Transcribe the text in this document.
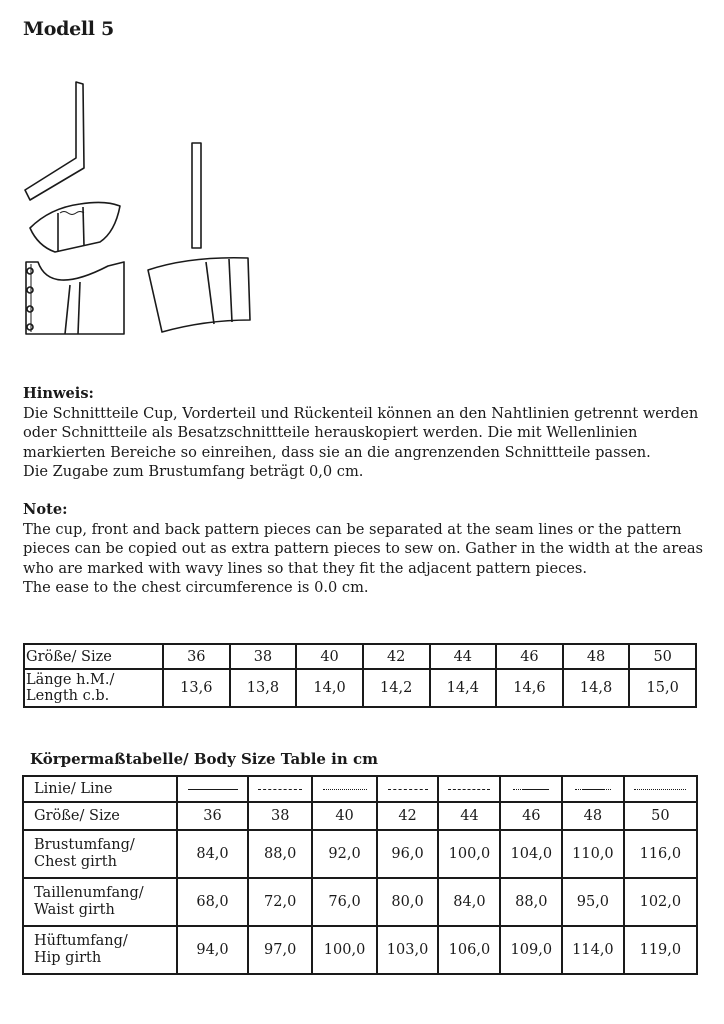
Modell 5
Hinweis:
Die Schnittteile Cup, Vorderteil und Rückenteil können an den Nahtlinien getrennt werden
oder Schnittteile als Besatzschnittteile herauskopiert werden. Die mit Wellenlinien
markierten Bereiche so einreihen, dass sie an die angrenzenden Schnittteile passen.
Die Zugabe zum Brustumfang beträgt 0,0 cm.
Note:
The cup, front and back pattern pieces can be separated at the seam lines or the pattern
pieces can be copied out as extra pattern pieces to sew on. Gather in the width at the areas
who are marked with wavy lines so that they fit the adjacent pattern pieces.
The ease to the chest circumference is 0.0 cm.
Größe/ Size	36	38	40	42	44	46	48	50

Länge h.M./
Length c.b.	13,6	13,8	14,0	14,2	14,4	14,6	14,8	15,0
Körpermaßtabelle/ Body Size Table in cm
Linie/ Line								
Größe/ Size	36	38	40	42	44	46	48	50

Brustumfang/
Chest girth	84,0	88,0	92,0	96,0	100,0	104,0	110,0	116,0

Taillenumfang/
Waist girth	68,0	72,0	76,0	80,0	84,0	88,0	95,0	102,0

Hüftumfang/
Hip girth	94,0	97,0	100,0	103,0	106,0	109,0	114,0	119,0
